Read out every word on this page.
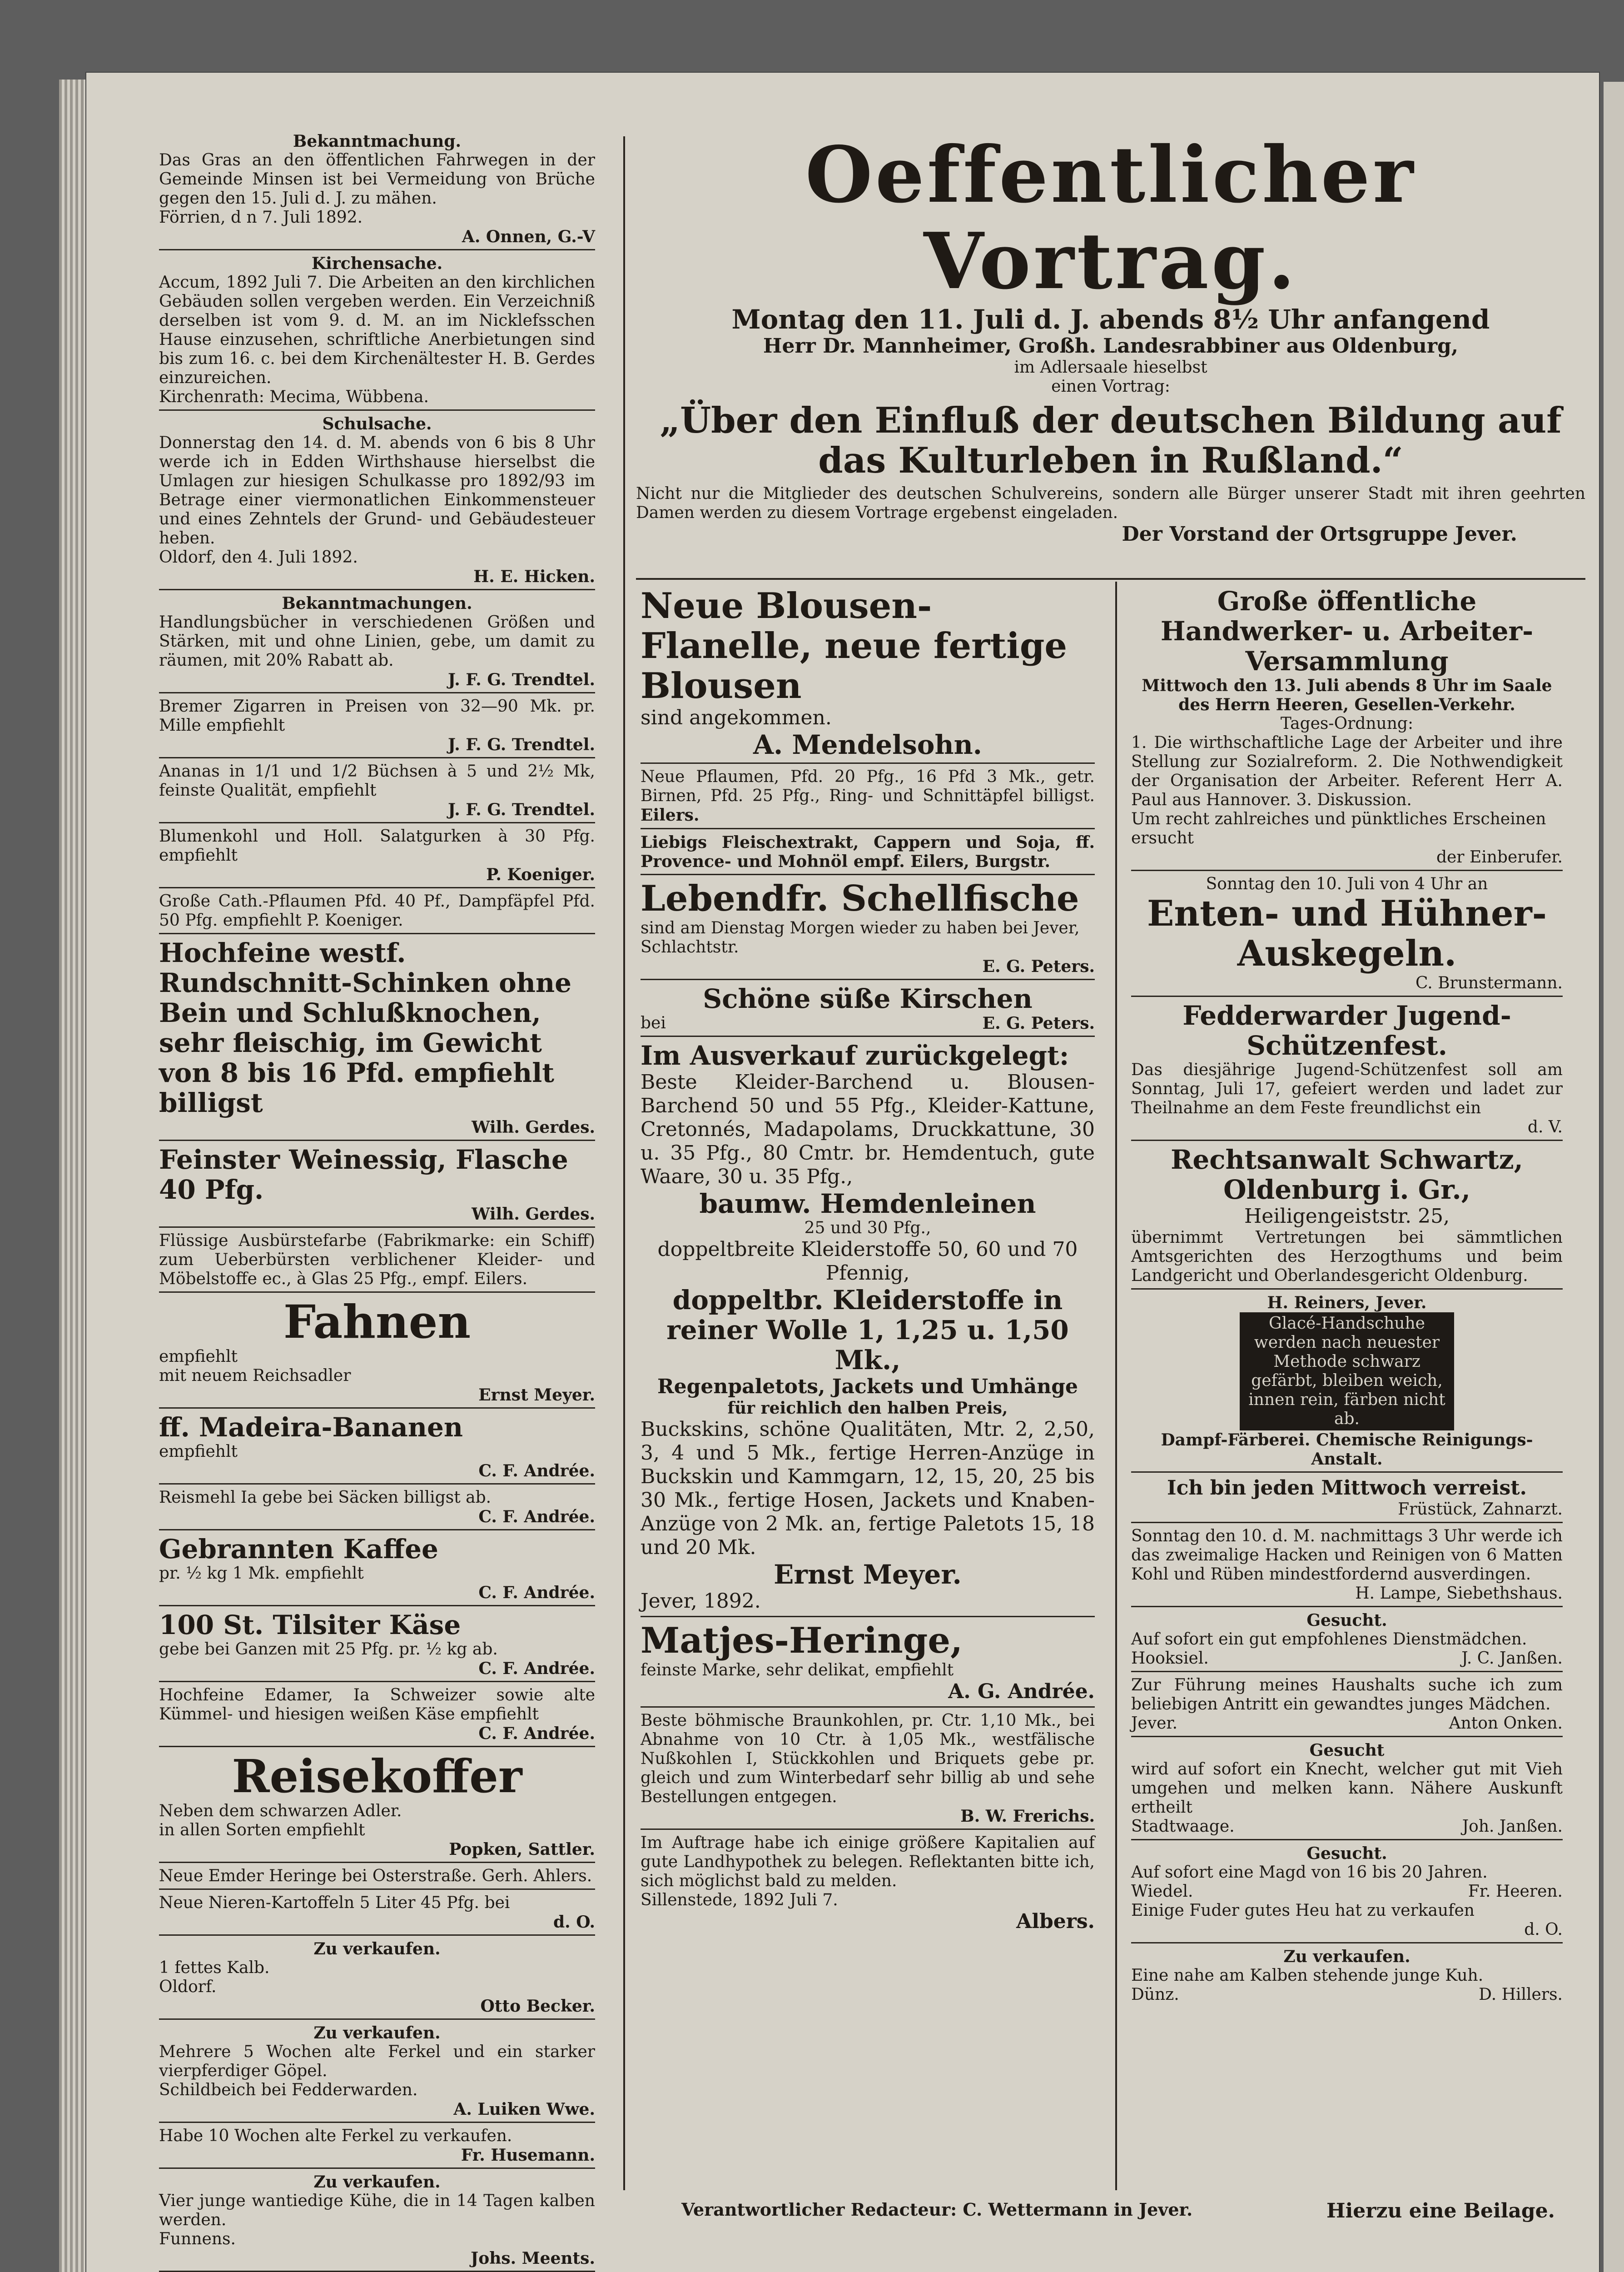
Bekanntmachung.
Das Gras an den öffentlichen Fahrwegen in der Gemeinde Minsen ist bei Vermeidung von Brüche gegen den 15. Juli d. J. zu mähen.
Förrien, d n 7. Juli 1892.
A. Onnen, G.-V
Kirchensache.
Accum, 1892 Juli 7. Die Arbeiten an den kirchlichen Gebäuden sollen vergeben werden. Ein Verzeichniß derselben ist vom 9. d. M. an im Nicklefsschen Hause einzusehen, schriftliche Anerbietungen sind bis zum 16. c. bei dem Kirchenältester H. B. Gerdes einzureichen.
Kirchenrath: Mecima, Wübbena.
Schulsache.
Donnerstag den 14. d. M. abends von 6 bis 8 Uhr werde ich in Edden Wirthshause hierselbst die Umlagen zur hiesigen Schulkasse pro 1892/93 im Betrage einer viermonatlichen Einkommensteuer und eines Zehntels der Grund- und Gebäudesteuer heben.
Oldorf, den 4. Juli 1892.
H. E. Hicken.
Bekanntmachungen.
Handlungsbücher in verschiedenen Größen und Stärken, mit und ohne Linien, gebe, um damit zu räumen, mit 20% Rabatt ab.
J. F. G. Trendtel.
Bremer Zigarren in Preisen von 32—90 Mk. pr. Mille empfiehlt
J. F. G. Trendtel.
Ananas in 1/1 und 1/2 Büchsen à 5 und 2½ Mk, feinste Qualität, empfiehlt
J. F. G. Trendtel.
Blumenkohl und Holl. Salatgurken à 30 Pfg. empfiehlt
P. Koeniger.
Große Cath.-Pflaumen Pfd. 40 Pf., Dampfäpfel Pfd. 50 Pfg. empfiehlt P. Koeniger.
Hochfeine westf. Rundschnitt-Schinken ohne Bein und Schlußknochen, sehr fleischig, im Gewicht von 8 bis 16 Pfd. empfiehlt billigst
Wilh. Gerdes.
Feinster Weinessig, Flasche 40 Pfg.
Wilh. Gerdes.
Flüssige Ausbürstefarbe (Fabrikmarke: ein Schiff) zum Ueberbürsten verblichener Kleider- und Möbelstoffe ec., à Glas 25 Pfg., empf. Eilers.
Fahnen
empfiehlt
mit neuem Reichsadler
Ernst Meyer.
ff. Madeira-Bananen
empfiehlt
C. F. Andrée.
Reismehl Ia gebe bei Säcken billigst ab.
C. F. Andrée.
Gebrannten Kaffee
pr. ½ kg 1 Mk. empfiehlt
C. F. Andrée.
100 St. Tilsiter Käse
gebe bei Ganzen mit 25 Pfg. pr. ½ kg ab.
C. F. Andrée.
Hochfeine Edamer, Ia Schweizer sowie alte Kümmel- und hiesigen weißen Käse empfiehlt
C. F. Andrée.
Reisekoffer
Neben dem schwarzen Adler.
in allen Sorten empfiehlt
Popken, Sattler.
Neue Emder Heringe bei Osterstraße. Gerh. Ahlers.
Neue Nieren-Kartoffeln 5 Liter 45 Pfg. bei
d. O.
Zu verkaufen.
1 fettes Kalb.
Oldorf.
Otto Becker.
Zu verkaufen.
Mehrere 5 Wochen alte Ferkel und ein starker vierpferdiger Göpel.
Schildbeich bei Fedderwarden.
A. Luiken Wwe.
Habe 10 Wochen alte Ferkel zu verkaufen.
Fr. Husemann.
Zu verkaufen.
Vier junge wantiedige Kühe, die in 14 Tagen kalben werden.
Funnens.
Johs. Meents.
Oeffentlicher Vortrag.
Montag den 11. Juli d. J. abends 8½ Uhr anfangend
Herr Dr. Mannheimer, Großh. Landesrabbiner aus Oldenburg,
im Adlersaale hieselbst
einen Vortrag:
„Über den Einfluß der deutschen Bildung auf das Kulturleben in Rußland.“
Nicht nur die Mitglieder des deutschen Schulvereins, sondern alle Bürger unserer Stadt mit ihren geehrten Damen werden zu diesem Vortrage ergebenst eingeladen.
Der Vorstand der Ortsgruppe Jever.
Neue Blousen-Flanelle, neue fertige Blousen
sind angekommen.
A. Mendelsohn.
Neue Pflaumen, Pfd. 20 Pfg., 16 Pfd 3 Mk., getr. Birnen, Pfd. 25 Pfg., Ring- und Schnittäpfel billigst. Eilers.
Liebigs Fleischextrakt, Cappern und Soja, ff. Provence- und Mohnöl empf. Eilers, Burgstr.
Lebendfr. Schellfische
sind am Dienstag Morgen wieder zu haben bei Jever, Schlachtstr.
E. G. Peters.
Schöne süße Kirschen
bei	E. G. Peters.
Im Ausverkauf zurückgelegt:
Beste Kleider-Barchend u. Blousen-Barchend 50 und 55 Pfg., Kleider-Kattune, Cretonnés, Madapolams, Druckkattune, 30 u. 35 Pfg., 80 Cmtr. br. Hemdentuch, gute Waare, 30 u. 35 Pfg.,
baumw. Hemdenleinen
25 und 30 Pfg.,
doppeltbreite Kleiderstoffe 50, 60 und 70 Pfennig,
doppeltbr. Kleiderstoffe in reiner Wolle 1, 1,25 u. 1,50 Mk.,
Regenpaletots, Jackets und Umhänge
für reichlich den halben Preis,
Buckskins, schöne Qualitäten, Mtr. 2, 2,50, 3, 4 und 5 Mk., fertige Herren-Anzüge in Buckskin und Kammgarn, 12, 15, 20, 25 bis 30 Mk., fertige Hosen, Jackets und Knaben-Anzüge von 2 Mk. an, fertige Paletots 15, 18 und 20 Mk.
Ernst Meyer.
Jever, 1892.
Matjes-Heringe,
feinste Marke, sehr delikat, empfiehlt
A. G. Andrée.
Beste böhmische Braunkohlen, pr. Ctr. 1,10 Mk., bei Abnahme von 10 Ctr. à 1,05 Mk., westfälische Nußkohlen I, Stückkohlen und Briquets gebe pr. gleich und zum Winterbedarf sehr billig ab und sehe Bestellungen entgegen.
B. W. Frerichs.
Im Auftrage habe ich einige größere Kapitalien auf gute Landhypothek zu belegen. Reflektanten bitte ich, sich möglichst bald zu melden.
Sillenstede, 1892 Juli 7.
Albers.
Große öffentliche Handwerker- u. Arbeiter-Versammlung
Mittwoch den 13. Juli abends 8 Uhr im Saale des Herrn Heeren, Gesellen-Verkehr.
Tages-Ordnung:
1. Die wirthschaftliche Lage der Arbeiter und ihre Stellung zur Sozialreform. 2. Die Nothwendigkeit der Organisation der Arbeiter. Referent Herr A. Paul aus Hannover. 3. Diskussion.
Um recht zahlreiches und pünktliches Erscheinen ersucht
der Einberufer.
Sonntag den 10. Juli von 4 Uhr an
Enten- und Hühner-Auskegeln.
C. Brunstermann.
Fedderwarder Jugend-Schützenfest.
Das diesjährige Jugend-Schützenfest soll am Sonntag, Juli 17, gefeiert werden und ladet zur Theilnahme an dem Feste freundlichst ein
d. V.
Rechtsanwalt Schwartz,
Oldenburg i. Gr.,
Heiligengeiststr. 25,
übernimmt Vertretungen bei sämmtlichen Amtsgerichten des Herzogthums und beim Landgericht und Oberlandesgericht Oldenburg.
H. Reiners, Jever.
Glacé-Handschuhe werden nach neuester Methode schwarz gefärbt, bleiben weich, innen rein, färben nicht ab.
Dampf-Färberei. Chemische Reinigungs-Anstalt.
Ich bin jeden Mittwoch verreist.
Früstück, Zahnarzt.
Sonntag den 10. d. M. nachmittags 3 Uhr werde ich das zweimalige Hacken und Reinigen von 6 Matten Kohl und Rüben mindestfordernd ausverdingen.
H. Lampe, Siebethshaus.
Gesucht.
Auf sofort ein gut empfohlenes Dienstmädchen.
Hooksiel.	J. C. Janßen.
Zur Führung meines Haushalts suche ich zum beliebigen Antritt ein gewandtes junges Mädchen.
Jever.	Anton Onken.
Gesucht
wird auf sofort ein Knecht, welcher gut mit Vieh umgehen und melken kann. Nähere Auskunft ertheilt
Stadtwaage.	Joh. Janßen.
Gesucht.
Auf sofort eine Magd von 16 bis 20 Jahren.
Wiedel.	Fr. Heeren.
Einige Fuder gutes Heu hat zu verkaufen
d. O.
Zu verkaufen.
Eine nahe am Kalben stehende junge Kuh.
Dünz.	D. Hillers.
Verantwortlicher Redacteur: C. Wettermann in Jever.	Hierzu eine Beilage.
